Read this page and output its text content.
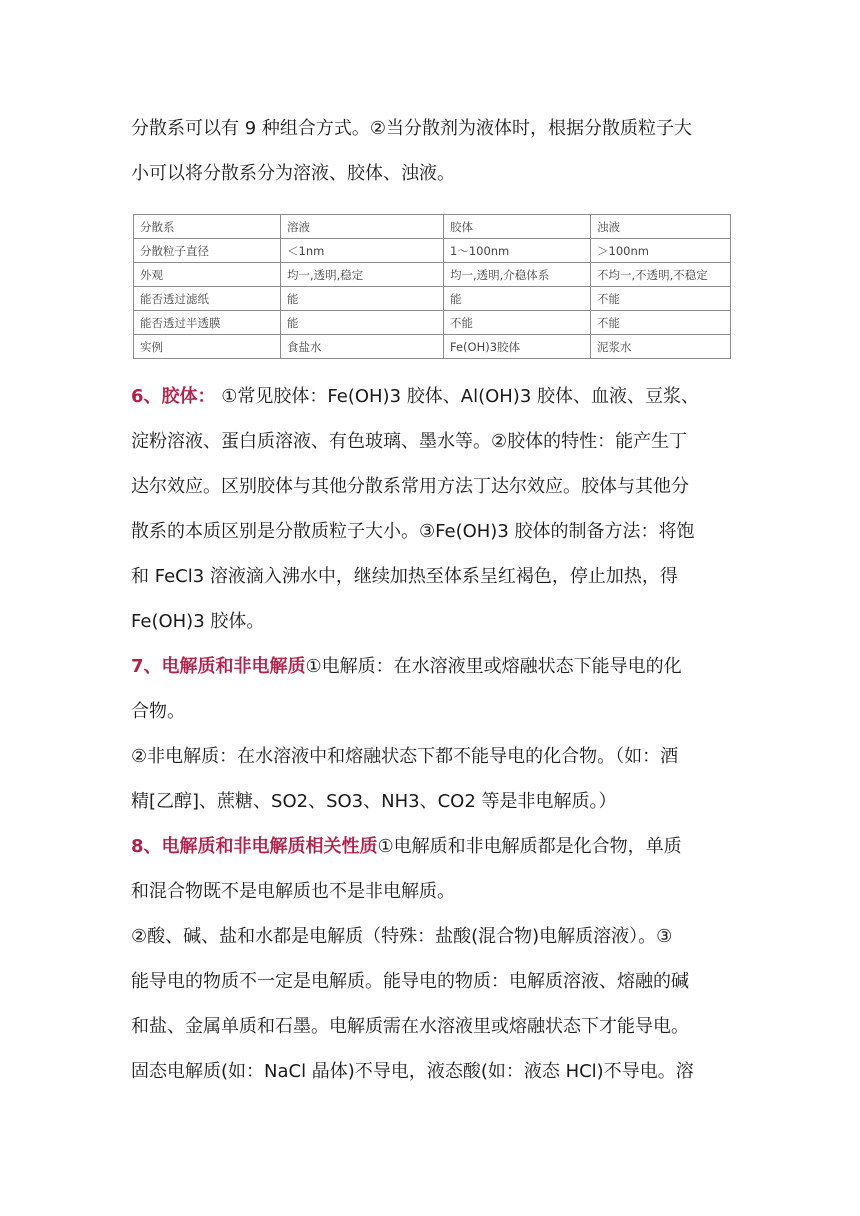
分散系可以有 9 种组合方式。②当分散剂为液体时，根据分散质粒子大
小可以将分散系分为溶液、胶体、浊液。
分散系	溶液	胶体	浊液
分散粒子直径	＜1nm	1～100nm	＞100nm
外观	均一,透明,稳定	均一,透明,介稳体系	不均一,不透明,不稳定
能否透过滤纸	能	能	不能
能否透过半透膜	能	不能	不能
实例	食盐水	Fe(OH)3胶体	泥浆水
6、胶体： ①常见胶体：Fe(OH)3 胶体、Al(OH)3 胶体、血液、豆浆、
淀粉溶液、蛋白质溶液、有色玻璃、墨水等。②胶体的特性：能产生丁
达尔效应。区别胶体与其他分散系常用方法丁达尔效应。胶体与其他分
散系的本质区别是分散质粒子大小。③Fe(OH)3 胶体的制备方法：将饱
和 FeCl3 溶液滴入沸水中，继续加热至体系呈红褐色，停止加热，得
Fe(OH)3 胶体。
7、电解质和非电解质①电解质：在水溶液里或熔融状态下能导电的化
合物。
②非电解质：在水溶液中和熔融状态下都不能导电的化合物。（如：酒
精[乙醇]、蔗糖、SO2、SO3、NH3、CO2 等是非电解质。）
8、电解质和非电解质相关性质①电解质和非电解质都是化合物，单质
和混合物既不是电解质也不是非电解质。
②酸、碱、盐和水都是电解质（特殊：盐酸(混合物)电解质溶液）。③
能导电的物质不一定是电解质。能导电的物质：电解质溶液、熔融的碱
和盐、金属单质和石墨。电解质需在水溶液里或熔融状态下才能导电。
固态电解质(如：NaCl 晶体)不导电，液态酸(如：液态 HCl)不导电。溶
